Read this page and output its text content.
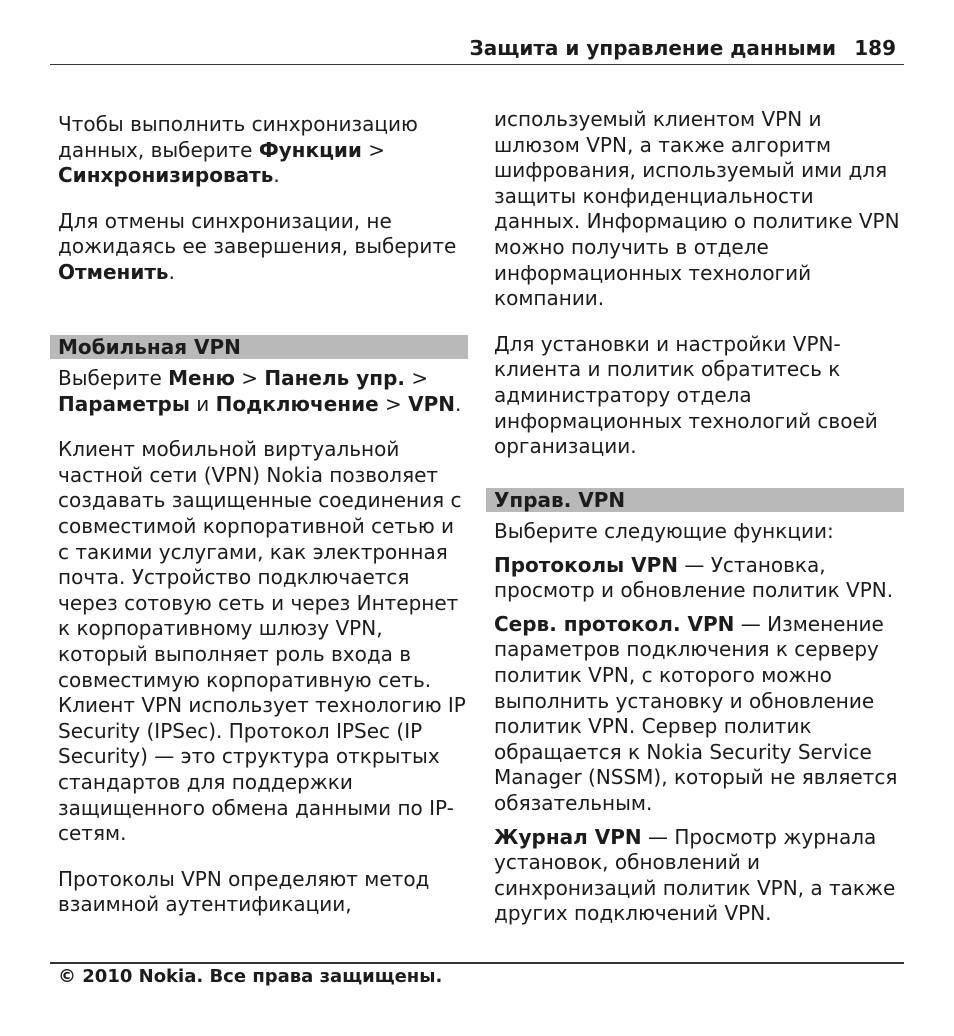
Защита и управление данными 189

Чтобы выполнить синхронизацию данных, выберите Функции > Синхронизировать.

Для отмены синхронизации, не дожидаясь ее завершения, выберите Отменить.

Мобильная VPN

Выберите Меню > Панель упр. > Параметры и Подключение > VPN.

Клиент мобильной виртуальной частной сети (VPN) Nokia позволяет создавать защищенные соединения с совместимой корпоративной сетью и с такими услугами, как электронная почта. Устройство подключается через сотовую сеть и через Интернет к корпоративному шлюзу VPN, который выполняет роль входа в совместимую корпоративную сеть. Клиент VPN использует технологию IP Security (IPSec). Протокол IPSec (IP Security) — это структура открытых стандартов для поддержки защищенного обмена данными по IP-сетям.

Протоколы VPN определяют метод взаимной аутентификации,

используемый клиентом VPN и шлюзом VPN, а также алгоритм шифрования, используемый ими для защиты конфиденциальности данных. Информацию о политике VPN можно получить в отделе информационных технологий компании.

Для установки и настройки VPN-клиента и политик обратитесь к администратору отдела информационных технологий своей организации.

Управ. VPN

Выберите следующие функции:

Протоколы VPN — Установка, просмотр и обновление политик VPN.

Серв. протокол. VPN — Изменение параметров подключения к серверу политик VPN, с которого можно выполнить установку и обновление политик VPN. Сервер политик обращается к Nokia Security Service Manager (NSSM), который не является обязательным.

Журнал VPN — Просмотр журнала установок, обновлений и синхронизаций политик VPN, а также других подключений VPN.

© 2010 Nokia. Все права защищены.
